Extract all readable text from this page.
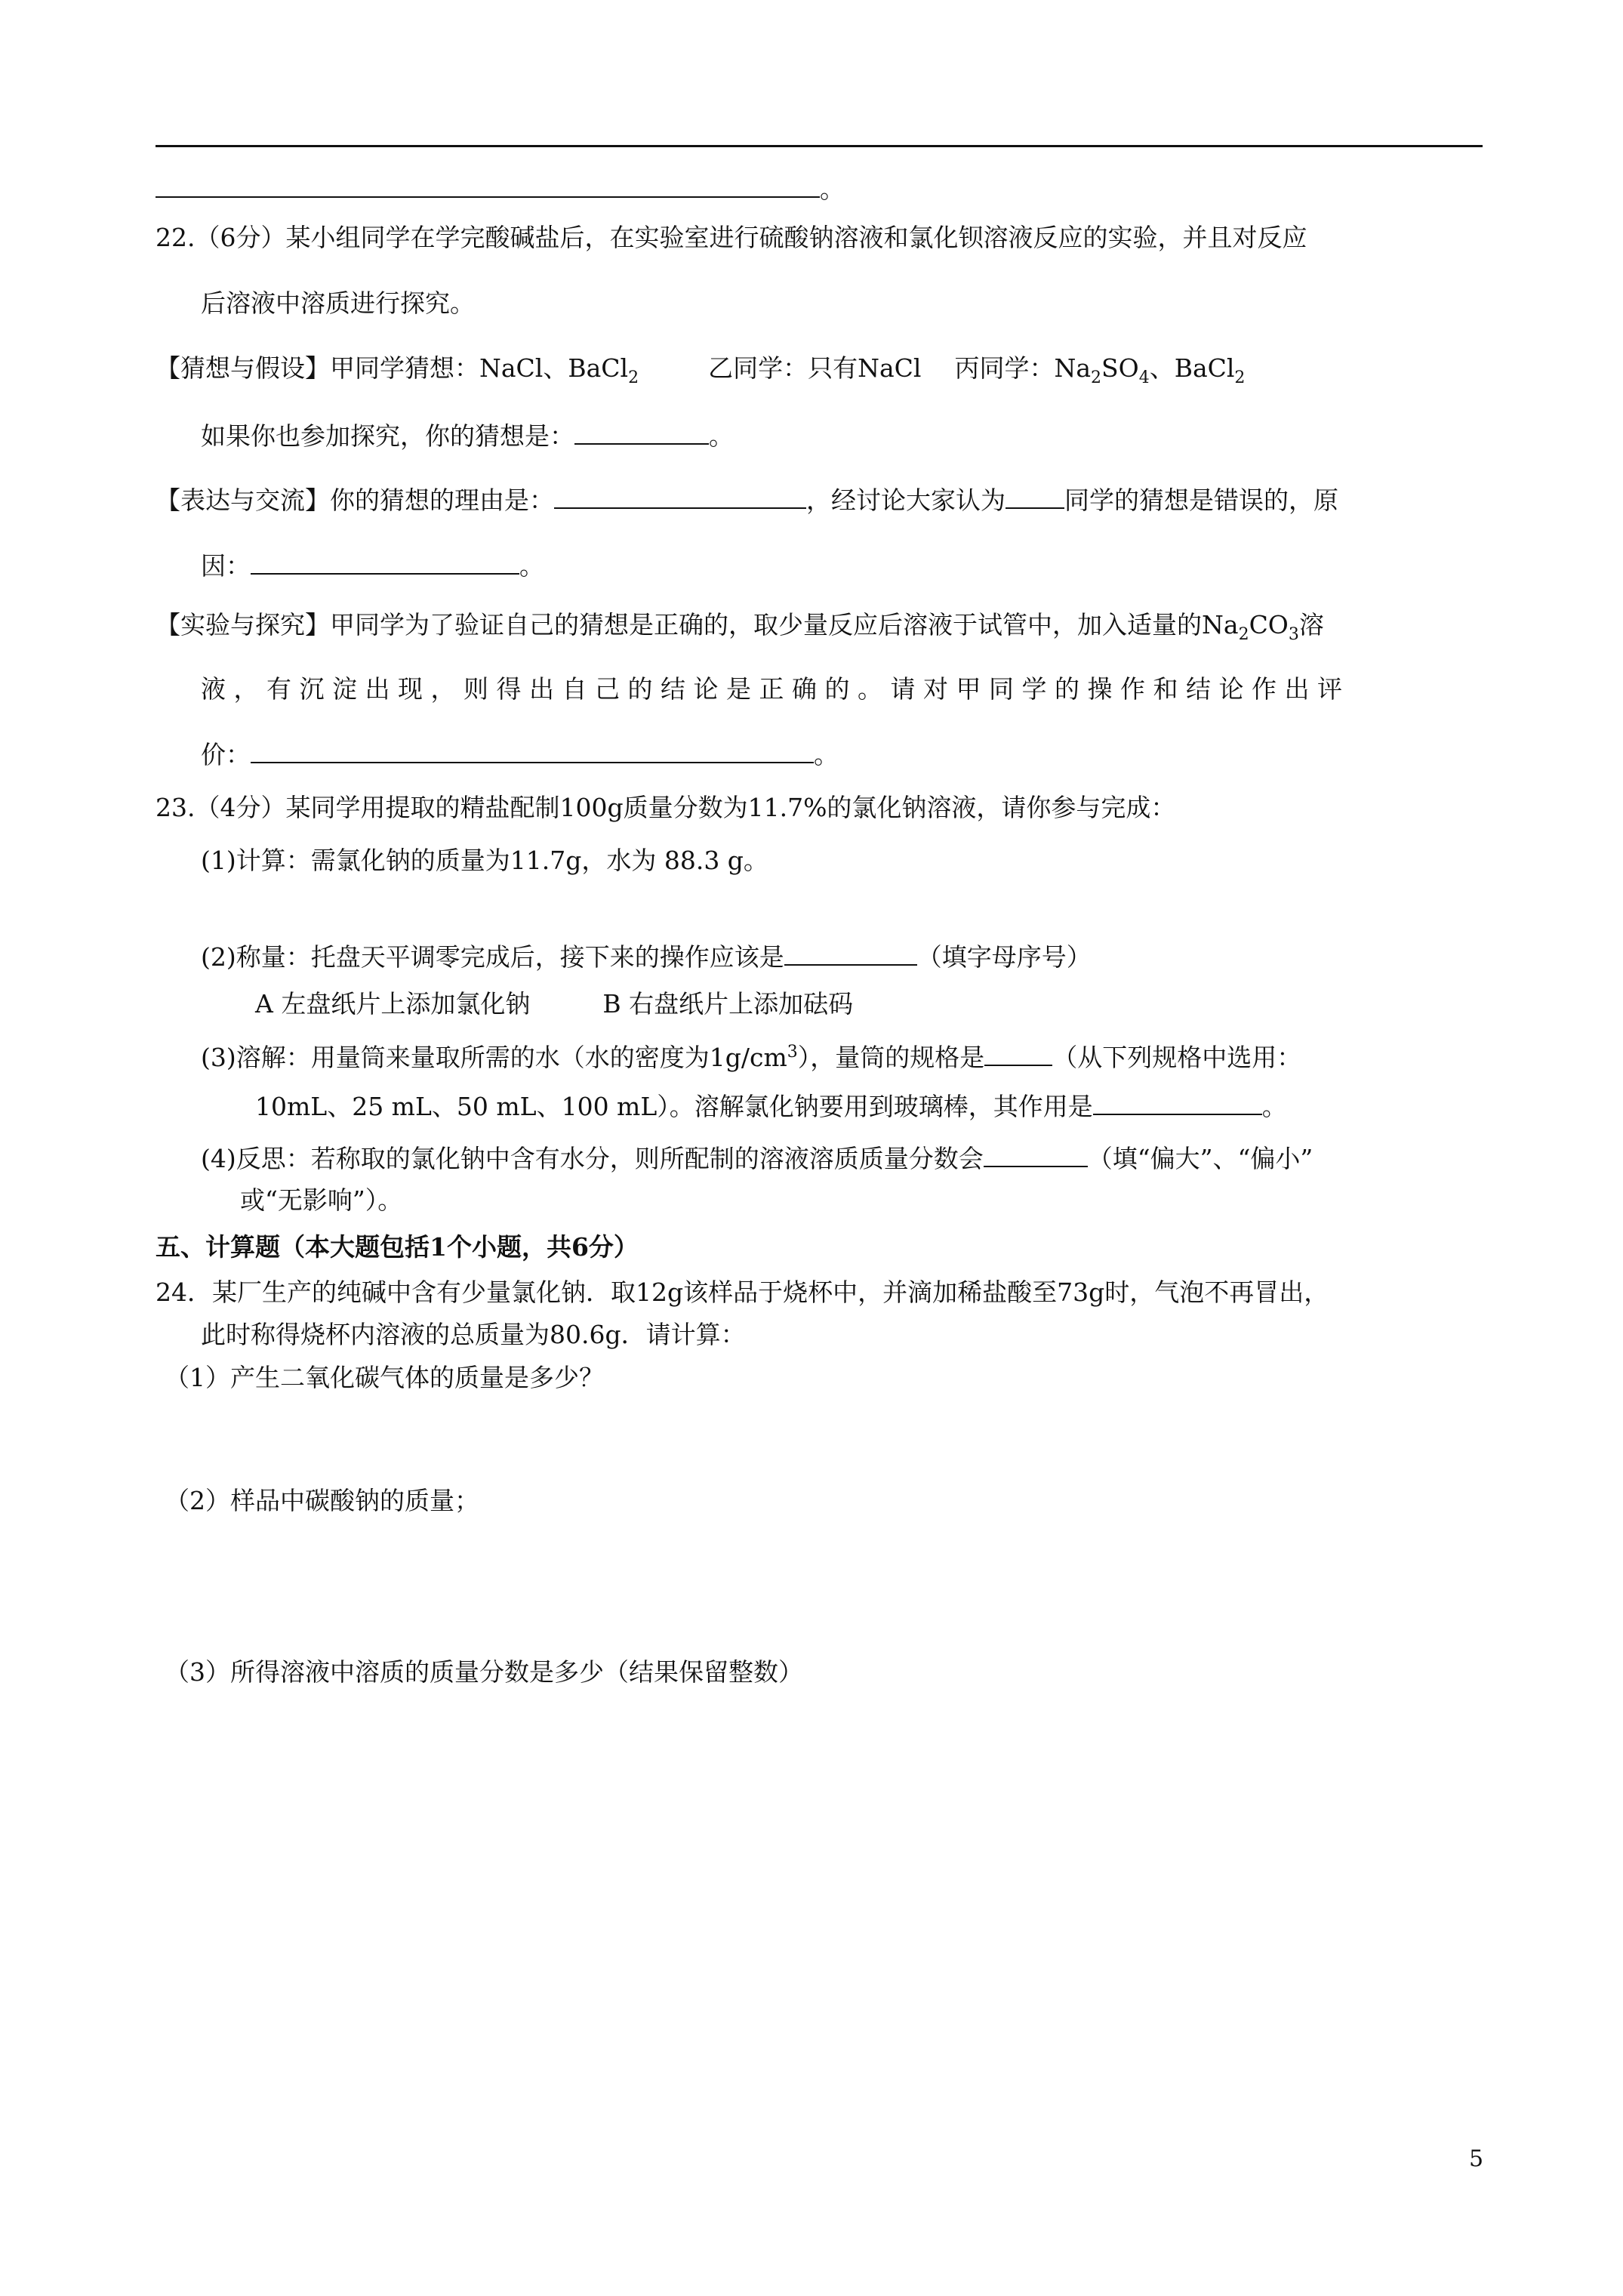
。
22.（6分）某小组同学在学完酸碱盐后，在实验室进行硫酸钠溶液和氯化钡溶液反应的实验，并且对反应
后溶液中溶质进行探究。
【猜想与假设】甲同学猜想：NaCl、BaCl$_2$	乙同学：只有NaCl 丙同学：$Na_2SO_4$、BaCl$_2$
如果你也参加探究，你的猜想是：	。
【表达与交流】你的猜想的理由是：	，经讨论大家认为 同学的猜想是错误的，原
因：	。
【实验与探究】甲同学为了验证自己的猜想是正确的，取少量反应后溶液于试管中，加入适量的$Na_2CO_3$溶
液，有沉淀出现，则得出自己的结论是正确的。请对甲同学的操作和结论作出评
价：	。
23.（4分）某同学用提取的精盐配制100g质量分数为11.7%的氯化钠溶液，请你参与完成：
(1)计算：需氯化钠的质量为11.7g，水为 88.3 g。
(2)称量：托盘天平调零完成后，接下来的操作应该是	（填字母序号）
A 左盘纸片上添加氯化钠	B 右盘纸片上添加砝码
(3)溶解：用量筒来量取所需的水（水的密度为$1g/cm^3$），量筒的规格是	（从下列规格中选用：
10mL、25 mL、50 mL、100 mL）。溶解氯化钠要用到玻璃棒，其作用是	。
(4)反思：若称取的氯化钠中含有水分，则所配制的溶液溶质质量分数会	（填“偏大”、“偏小”
或“无影响”）。
五、计算题（本大题包括1个小题，共6分）
24．某厂生产的纯碱中含有少量氯化钠．取12g该样品于烧杯中，并滴加稀盐酸至73g时，气泡不再冒出，
此时称得烧杯内溶液的总质量为80.6g．请计算：
（1）产生二氧化碳气体的质量是多少？
（2）样品中碳酸钠的质量；
（3）所得溶液中溶质的质量分数是多少（结果保留整数）
5
